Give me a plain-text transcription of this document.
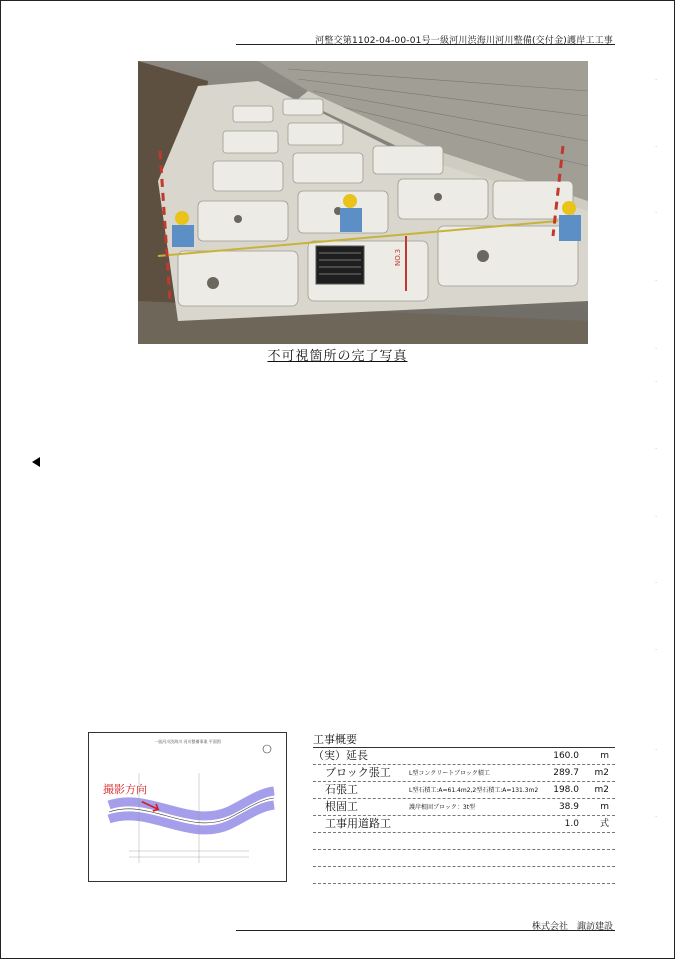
河整交第1102-04-00-01号一級河川渋海川河川整備(交付金)護岸工工事
NO.3
不可視箇所の完了写真
.
.
.
.
.
.
.
.
.
.
.
.
一級河川渋海川 河川整備事業 平面図
撮影方向
工事概要
（実）延長	160.0 m
ブロック張工	L型コンクリートブロック積工	289.7 m2
石張工	L型石積工:A=61.4m2,2型石積工:A=131.3m2 198.0 m2
根固工	護岸根固ブロック：3t型	38.9 m
工事用道路工	1.0 式
株式会社　諏訪建設
